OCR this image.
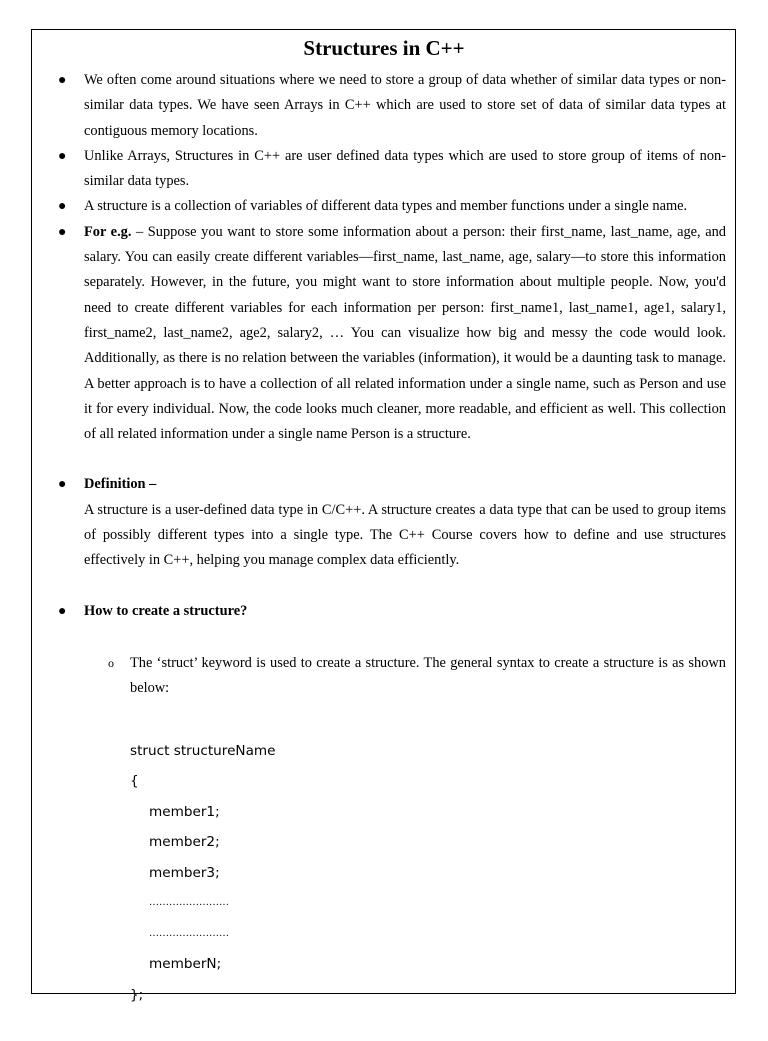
Structures in C++
●	We often come around situations where we need to store a group of data whether of similar data types or non-similar data types. We have seen Arrays in C++ which are used to store set of data of similar data types at contiguous memory locations.
●	Unlike Arrays, Structures in C++ are user defined data types which are used to store group of items of non-similar data types.
●	A structure is a collection of variables of different data types and member functions under a single name.
●	For e.g. – Suppose you want to store some information about a person: their first_name, last_name, age, and salary. You can easily create different variables—first_name, last_name, age, salary—to store this information separately. However, in the future, you might want to store information about multiple people. Now, you'd need to create different variables for each information per person: first_name1, last_name1, age1, salary1, first_name2, last_name2, age2, salary2, … You can visualize how big and messy the code would look. Additionally, as there is no relation between the variables (information), it would be a daunting task to manage. A better approach is to have a collection of all related information under a single name, such as Person and use it for every individual. Now, the code looks much cleaner, more readable, and efficient as well. This collection of all related information under a single name Person is a structure.
●	Definition –
A structure is a user-defined data type in C/C++. A structure creates a data type that can be used to group items of possibly different types into a single type. The C++ Course covers how to define and use structures effectively in C++, helping you manage complex data efficiently.
●	How to create a structure?
o The ‘struct’ keyword is used to create a structure. The general syntax to create a structure is as shown below:

struct structureName
{
member1;
member2;
member3;
……………………
……………………
memberN;
};
